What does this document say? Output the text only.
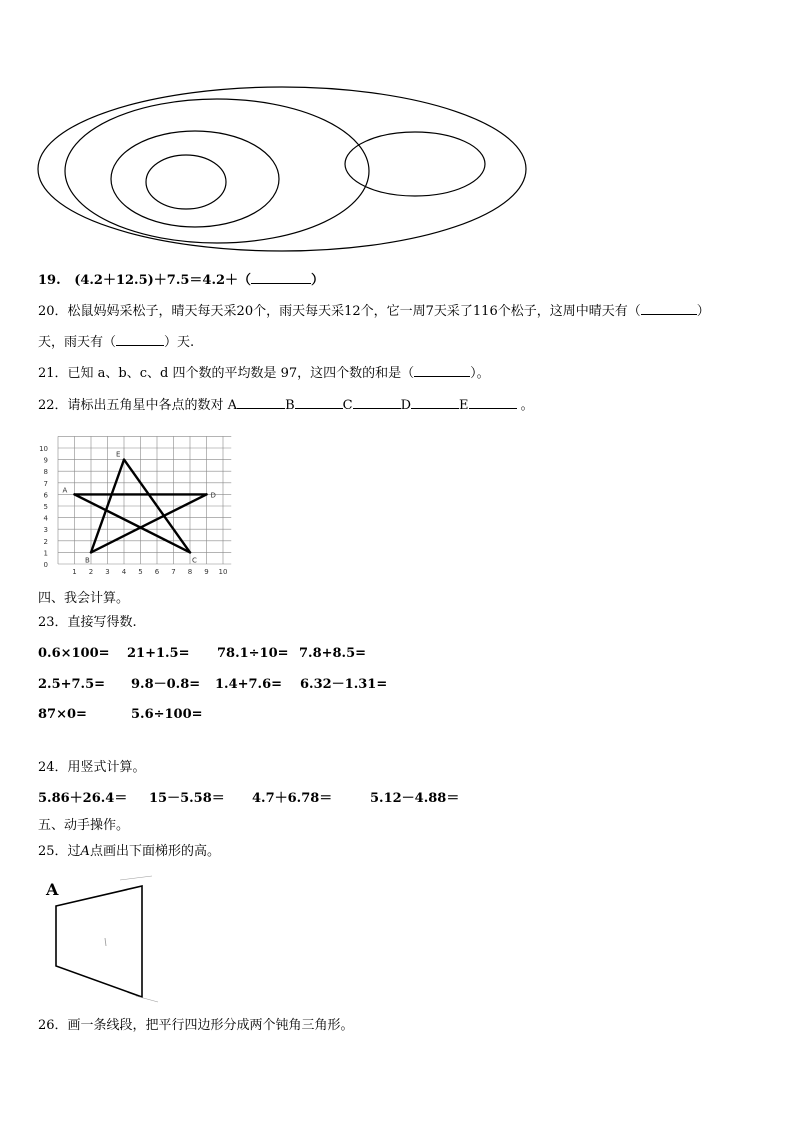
19. (4.2＋12.5)＋7.5＝4.2＋（	）
20．松鼠妈妈采松子，晴天每天采20个，雨天每天采12个，它一周7天采了116个松子，这周中晴天有（	）
天，雨天有（	）天.
21．已知 a、b、c、d 四个数的平均数是 97，这四个数的和是（	）。
22．请标出五角星中各点的数对 A	B	C	D	E	。
0
1
2
3
4
5
6
7
8
9
10
1 2 3 4 5 6 7 8 9 10
A
B	C
D
E
四、我会计算。
23．直接写得数.
0.6×100= 21+1.5= 78.1÷10= 7.8+8.5=
2.5+7.5= 9.8－0.8= 1.4+7.6= 6.32－1.31=
87×0=	5.6÷100=
24．用竖式计算。
5.86＋26.4＝ 15－5.58＝ 4.7＋6.78＝	5.12－4.88＝
五、动手操作。
25．过A点画出下面梯形的高。
A
26．画一条线段，把平行四边形分成两个钝角三角形。
